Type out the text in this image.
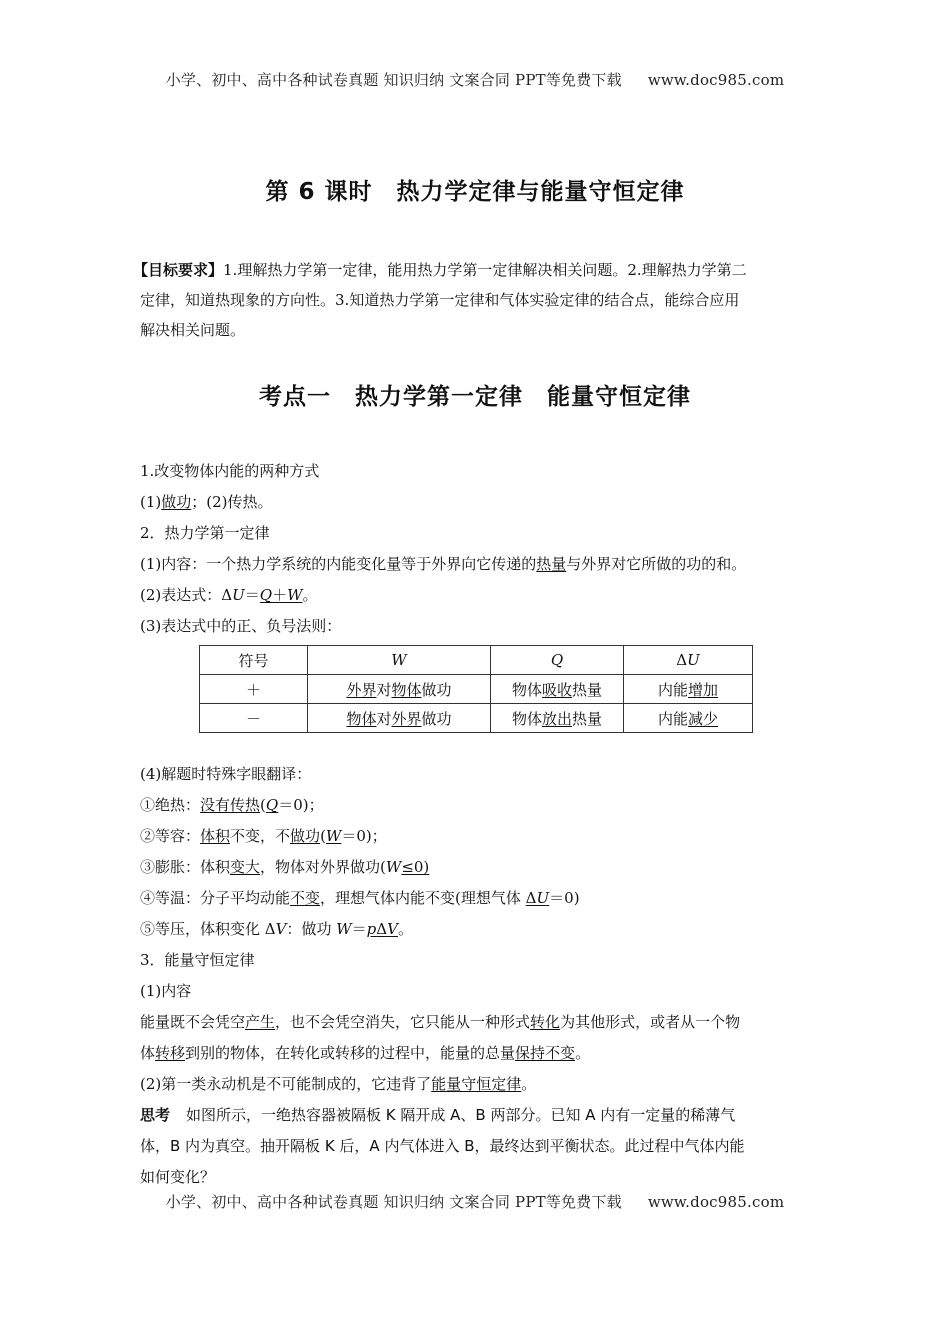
小学、初中、高中各种试卷真题 知识归纳 文案合同 PPT等免费下载 www.doc985.com
第 6 课时　热力学定律与能量守恒定律
【目标要求】1.理解热力学第一定律，能用热力学第一定律解决相关问题。2.理解热力学第二
定律，知道热现象的方向性。3.知道热力学第一定律和气体实验定律的结合点，能综合应用
解决相关问题。
考点一　热力学第一定律　能量守恒定律
1.改变物体内能的两种方式
(1)做功；(2)传热。
2．热力学第一定律
(1)内容：一个热力学系统的内能变化量等于外界向它传递的热量与外界对它所做的功的和。
(2)表达式：ΔU＝Q＋W。
(3)表达式中的正、负号法则：
符号	W	Q	ΔU
＋	外界对物体做功	物体吸收热量	内能增加
－	物体对外界做功	物体放出热量	内能减少
(4)解题时特殊字眼翻译：
①绝热：没有传热(Q＝0)；
②等容：体积不变，不做功(W＝0)；
③膨胀：体积变大，物体对外界做功(W≤0)
④等温：分子平均动能不变，理想气体内能不变(理想气体 ΔU＝0)
⑤等压，体积变化 ΔV：做功 W＝pΔV。
3．能量守恒定律
(1)内容
能量既不会凭空产生，也不会凭空消失，它只能从一种形式转化为其他形式，或者从一个物
体转移到别的物体，在转化或转移的过程中，能量的总量保持不变。
(2)第一类永动机是不可能制成的，它违背了能量守恒定律。
思考 如图所示，一绝热容器被隔板 K 隔开成 A、B 两部分。已知 A 内有一定量的稀薄气
体，B 内为真空。抽开隔板 K 后，A 内气体进入 B，最终达到平衡状态。此过程中气体内能
如何变化？
小学、初中、高中各种试卷真题 知识归纳 文案合同 PPT等免费下载 www.doc985.com
